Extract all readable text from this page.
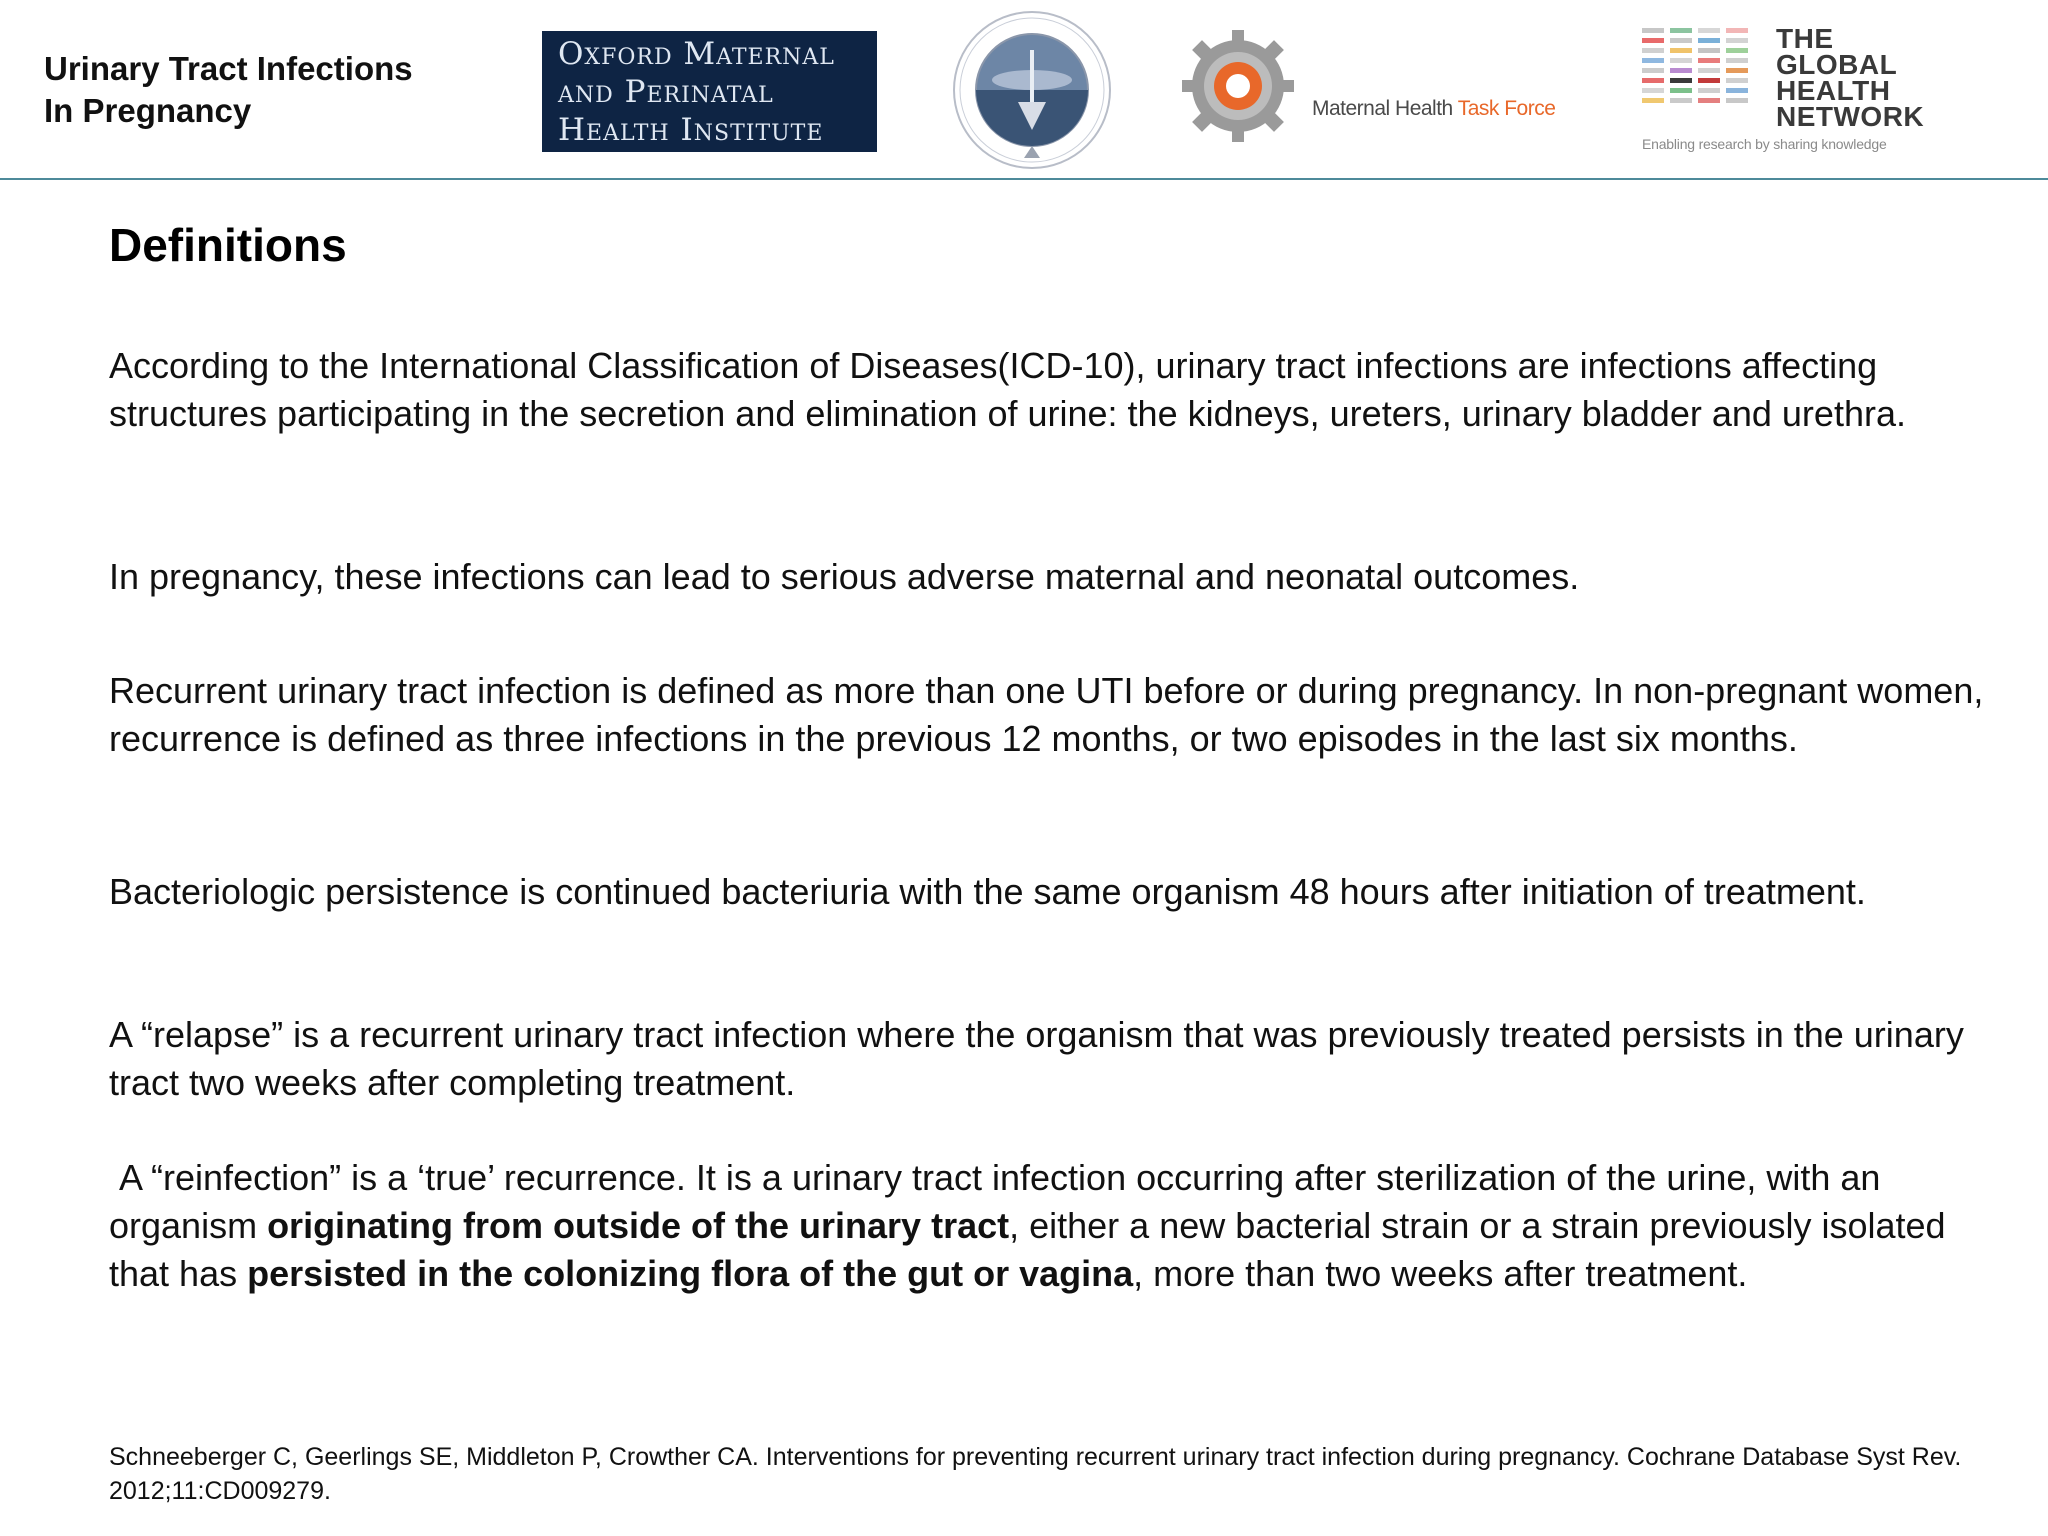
Urinary Tract Infections
In Pregnancy
Oxford Maternal
and Perinatal
Health Institute
Maternal Health Task Force
THE
GLOBAL
HEALTH
NETWORK
Enabling research by sharing knowledge
Definitions

According to the International Classification of Diseases(ICD-10), urinary tract infections are infections affecting structures participating in the secretion and elimination of urine: the kidneys, ureters, urinary bladder and urethra.

In pregnancy, these infections can lead to serious adverse maternal and neonatal outcomes.

Recurrent urinary tract infection is defined as more than one UTI before or during pregnancy. In non-pregnant women, recurrence is defined as three infections in the previous 12 months, or two episodes in the last six months.

Bacteriologic persistence is continued bacteriuria with the same organism 48 hours after initiation of treatment.

A “relapse” is a recurrent urinary tract infection where the organism that was previously treated persists in the urinary tract two weeks after completing treatment.

A “reinfection” is a ‘true’ recurrence. It is a urinary tract infection occurring after sterilization of the urine, with an organism originating from outside of the urinary tract, either a new bacterial strain or a strain previously isolated that has persisted in the colonizing flora of the gut or vagina, more than two weeks after treatment.

Schneeberger C, Geerlings SE, Middleton P, Crowther CA. Interventions for preventing recurrent urinary tract infection during pregnancy. Cochrane Database Syst Rev. 2012;11:CD009279.
